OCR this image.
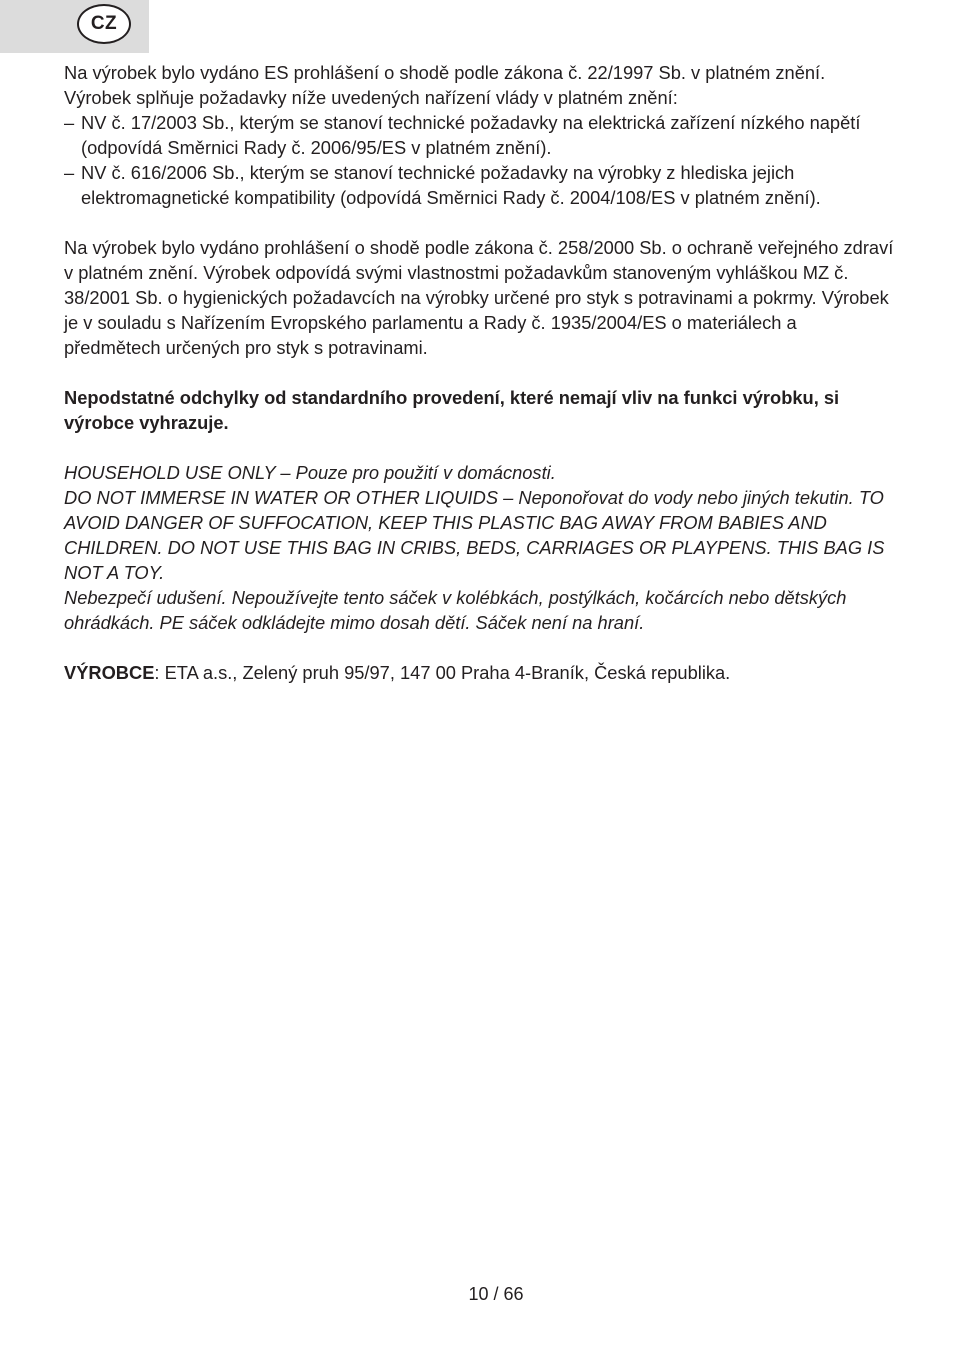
CZ

Na výrobek bylo vydáno ES prohlášení o shodě podle zákona č. 22/1997 Sb. v platném znění. Výrobek splňuje požadavky níže uvedených nařízení vlády v platném znění:

– NV č. 17/2003 Sb., kterým se stanoví technické požadavky na elektrická zařízení nízkého napětí (odpovídá Směrnici Rady č. 2006/95/ES v platném znění).
– NV č. 616/2006 Sb., kterým se stanoví technické požadavky na výrobky z hlediska jejich elektromagnetické kompatibility (odpovídá Směrnici Rady č. 2004/108/ES v platném znění).

Na výrobek bylo vydáno prohlášení o shodě podle zákona č. 258/2000 Sb. o ochraně veřejného zdraví v platném znění. Výrobek odpovídá svými vlastnostmi požadavkům stanoveným vyhláškou MZ č. 38/2001 Sb. o hygienických požadavcích na výrobky určené pro styk s potravinami a pokrmy. Výrobek je v souladu s Nařízením Evropského parlamentu a Rady č. 1935/2004/ES o materiálech a předmětech určených pro styk s potravinami.

Nepodstatné odchylky od standardního provedení, které nemají vliv na funkci výrobku, si výrobce vyhrazuje.

HOUSEHOLD USE ONLY – Pouze pro použití v domácnosti.

DO NOT IMMERSE IN WATER OR OTHER LIQUIDS – Neponořovat do vody nebo jiných tekutin. TO AVOID DANGER OF SUFFOCATION, KEEP THIS PLASTIC BAG AWAY FROM BABIES AND CHILDREN. DO NOT USE THIS BAG IN CRIBS, BEDS, CARRIAGES OR PLAYPENS. THIS BAG IS NOT A TOY.

Nebezpečí udušení. Nepoužívejte tento sáček v kolébkách, postýlkách, kočárcích nebo dětských ohrádkách. PE sáček odkládejte mimo dosah dětí. Sáček není na hraní.

VÝROBCE: ETA a.s., Zelený pruh 95/97, 147 00 Praha 4-Braník, Česká republika.

10 / 66
